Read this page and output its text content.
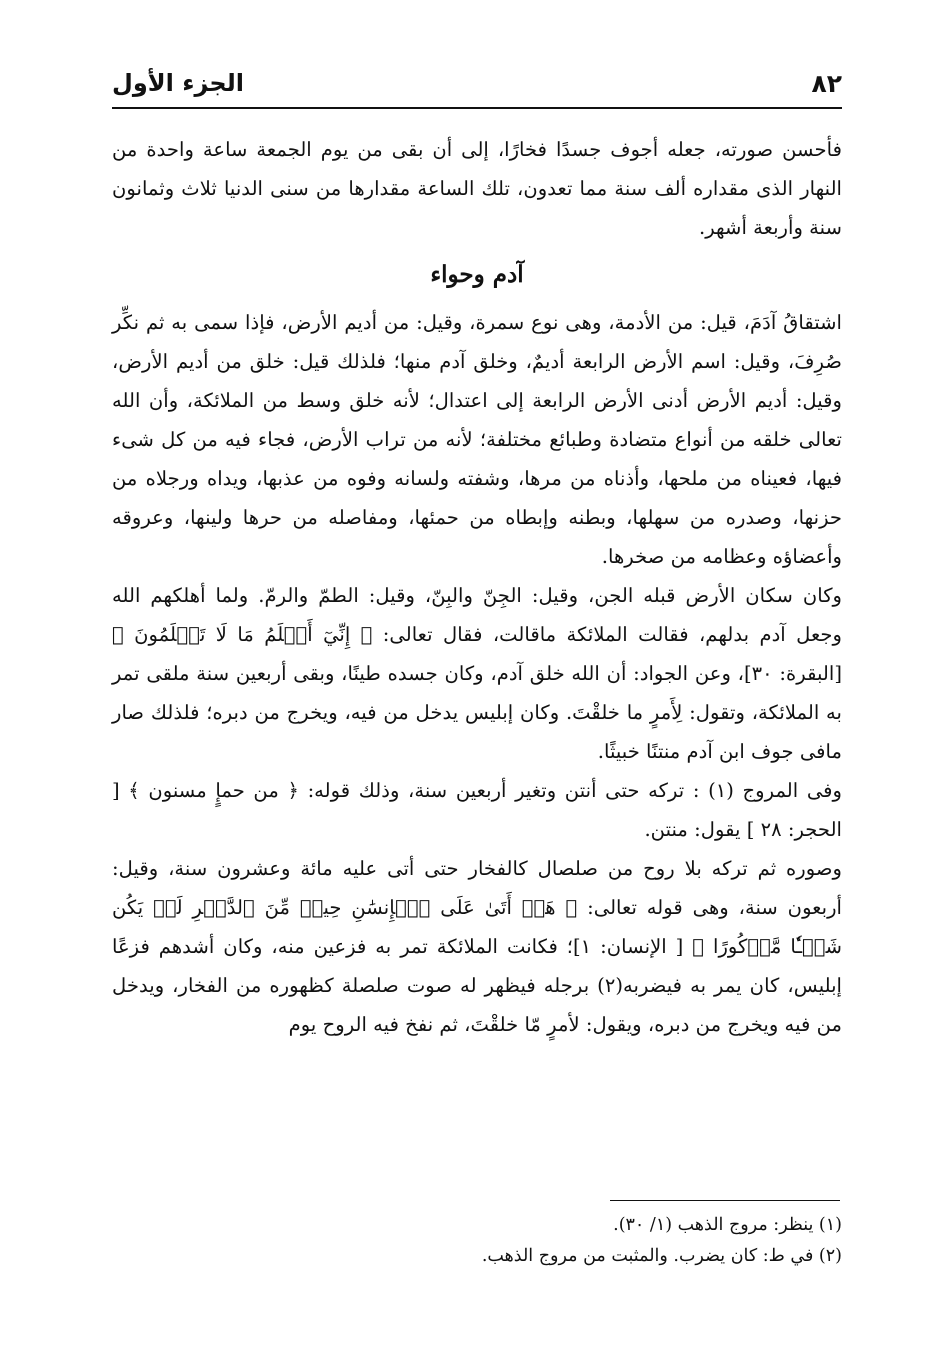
٨٢
الجزء الأول

فأحسن صورته، جعله أجوف جسدًا فخارًا، إلى أن بقى من يوم الجمعة ساعة واحدة من النهار الذى مقداره ألف سنة مما تعدون، تلك الساعة مقدارها من سنى الدنيا ثلاث وثمانون سنة وأربعة أشهر.

آدم وحواء

اشتقاقُ آدَمَ، قيل: من الأدمة، وهى نوع سمرة، وقيل: من أديم الأرض، فإذا سمى به ثم نكِّر صُرِفَ، وقيل: اسم الأرض الرابعة أديمٌ، وخلق آدم منها؛ فلذلك قيل: خلق من أديم الأرض، وقيل: أديم الأرض أدنى الأرض الرابعة إلى اعتدال؛ لأنه خلق وسط من الملائكة، وأن الله تعالى خلقه من أنواع متضادة وطبائع مختلفة؛ لأنه من تراب الأرض، فجاء فيه من كل شىء فيها، فعيناه من ملحها، وأذناه من مرها، وشفته ولسانه وفوه من عذبها، ويداه ورجلاه من حزنها، وصدره من سهلها، وبطنه وإبطاه من حمئها، ومفاصله من حرها ولينها، وعروقه وأعضاؤه وعظامه من صخرها.

وكان سكان الأرض قبله الجن، وقيل: الجِنّ والبِنّ، وقيل: الطمّ والرمّ. ولما أهلكهم الله وجعل آدم بدلهم، فقالت الملائكة ماقالت، فقال تعالى: ﴿ إِنِّيٓ أَعۡلَمُ مَا لَا تَعۡلَمُونَ ﴾ [البقرة: ٣٠]، وعن الجواد: أن الله خلق آدم، وكان جسده طينًا، وبقى أربعين سنة ملقى تمر به الملائكة، وتقول: لِأَمرٍ ما خلقْتَ. وكان إبليس يدخل من فيه، ويخرج من دبره؛ فلذلك صار مافى جوف ابن آدم منتنًا خبيثًا.

وفى المروج (١) : تركه حتى أنتن وتغير أربعين سنة، وذلك قوله: ﴿ من حمإٍ مسنون ﴾ [ الحجر: ٢٨ ] يقول: منتن.

وصوره ثم تركه بلا روح من صلصال كالفخار حتى أتى عليه مائة وعشرون سنة، وقيل: أربعون سنة، وهى قوله تعالى: ﴿ هَلۡ أَتَىٰ عَلَى ٱلۡإِنسَٰنِ حِينٞ مِّنَ ٱلدَّهۡرِ لَمۡ يَكُن شَيۡـٔٗا مَّذۡكُورًا ﴾ [ الإنسان: ١]؛ فكانت الملائكة تمر به فزعين منه، وكان أشدهم فزعًا إبليس، كان يمر به فيضربه(٢) برجله فيظهر له صوت صلصلة كظهوره من الفخار، ويدخل من فيه ويخرج من دبره، ويقول: لأمرٍ مّا خلقْتَ، ثم نفخ فيه الروح يوم

(١) ينظر: مروج الذهب (١/ ٣٠).
(٢) في ط: كان يضرب. والمثبت من مروج الذهب.
